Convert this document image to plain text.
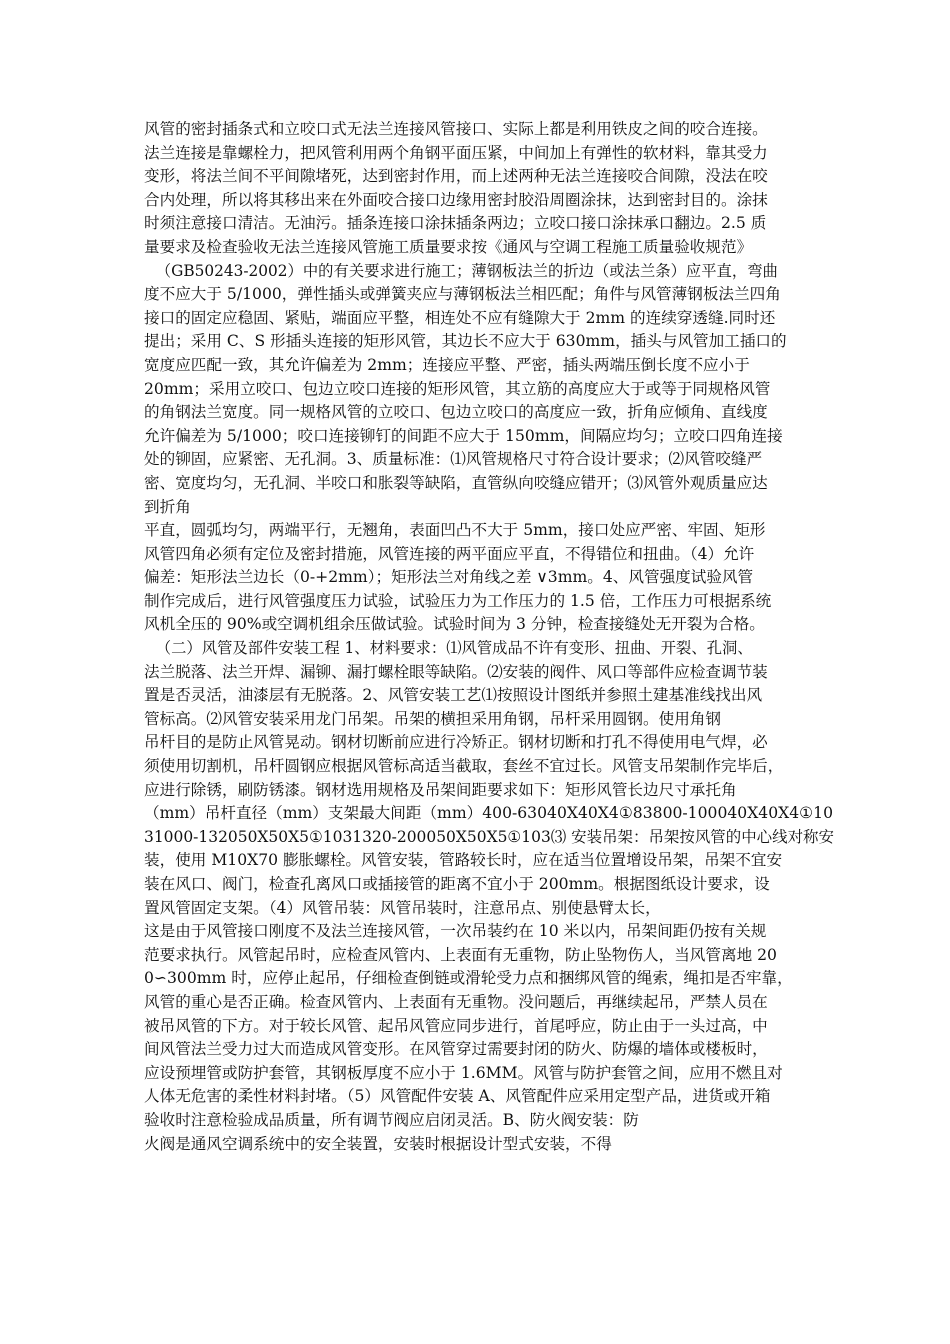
风管的密封插条式和立咬口式无法兰连接风管接口、实际上都是利用铁皮之间的咬合连接。
法兰连接是靠螺栓力，把风管利用两个角钢平面压紧，中间加上有弹性的软材料，靠其受力
变形，将法兰间不平间隙堵死，达到密封作用，而上述两种无法兰连接咬合间隙，没法在咬
合内处理，所以将其移出来在外面咬合接口边缘用密封胶沿周圈涂抹，达到密封目的。涂抹
时须注意接口清洁。无油污。插条连接口涂抹插条两边；立咬口接口涂抹承口翻边。2.5 质
量要求及检查验收无法兰连接风管施工质量要求按《通风与空调工程施工质量验收规范》
（GB50243-2002）中的有关要求进行施工；薄钢板法兰的折边（或法兰条）应平直，弯曲
度不应大于 5/1000，弹性插头或弹簧夹应与薄钢板法兰相匹配；角件与风管薄钢板法兰四角
接口的固定应稳固、紧贴，端面应平整，相连处不应有缝隙大于 2mm 的连续穿透缝.同时还
提出；采用 C、S 形插头连接的矩形风管，其边长不应大于 630mm，插头与风管加工插口的
宽度应匹配一致，其允许偏差为 2mm；连接应平整、严密，插头两端压倒长度不应小于
20mm；采用立咬口、包边立咬口连接的矩形风管，其立筋的高度应大于或等于同规格风管
的角钢法兰宽度。同一规格风管的立咬口、包边立咬口的高度应一致，折角应倾角、直线度
允许偏差为 5/1000；咬口连接铆钉的间距不应大于 150mm，间隔应均匀；立咬口四角连接
处的铆固，应紧密、无孔洞。3、质量标准：⑴风管规格尺寸符合设计要求；⑵风管咬缝严
密、宽度均匀，无孔洞、半咬口和胀裂等缺陷，直管纵向咬缝应错开；⑶风管外观质量应达
到折角
平直，圆弧均匀，两端平行，无翘角，表面凹凸不大于 5mm，接口处应严密、牢固、矩形
风管四角必须有定位及密封措施，风管连接的两平面应平直，不得错位和扭曲。（4）允许
偏差：矩形法兰边长（0-+2mm）；矩形法兰对角线之差 ∨3mm。4、风管强度试验风管
制作完成后，进行风管强度压力试验，试验压力为工作压力的 1.5 倍，工作压力可根据系统
风机全压的 90%或空调机组余压做试验。试验时间为 3 分钟，检查接缝处无开裂为合格。
（二）风管及部件安装工程 1、材料要求：⑴风管成品不许有变形、扭曲、开裂、孔洞、
法兰脱落、法兰开焊、漏铆、漏打螺栓眼等缺陷。⑵安装的阀件、风口等部件应检查调节装
置是否灵活，油漆层有无脱落。2、风管安装工艺⑴按照设计图纸并参照土建基准线找出风
管标高。⑵风管安装采用龙门吊架。吊架的横担采用角钢，吊杆采用圆钢。使用角钢
吊杆目的是防止风管晃动。钢材切断前应进行冷矫正。钢材切断和打孔不得使用电气焊，必
须使用切割机，吊杆圆钢应根据风管标高适当截取，套丝不宜过长。风管支吊架制作完毕后，
应进行除锈，刷防锈漆。钢材选用规格及吊架间距要求如下：矩形风管长边尺寸承托角
（mm）吊杆直径（mm）支架最大间距（mm）400-63040Ⅹ40Ⅹ4①83800-100040Ⅹ40Ⅹ4①10
31000-132050Ⅹ50Ⅹ5①1031320-200050Ⅹ50Ⅹ5①103⑶ 安装吊架：吊架按风管的中心线对称安
装，使用 M10Ⅹ70 膨胀螺栓。风管安装，管路较长时，应在适当位置增设吊架，吊架不宜安
装在风口、阀门，检查孔离风口或插接管的距离不宜小于 200mm。根据图纸设计要求，设
置风管固定支架。（4）风管吊装：风管吊装时，注意吊点、别使悬臂太长，
这是由于风管接口刚度不及法兰连接风管，一次吊装约在 10 米以内，吊架间距仍按有关规
范要求执行。风管起吊时，应检查风管内、上表面有无重物，防止坠物伤人，当风管离地 20
0∽300mm 时，应停止起吊，仔细检查倒链或滑轮受力点和捆绑风管的绳索，绳扣是否牢靠，
风管的重心是否正确。检查风管内、上表面有无重物。没问题后，再继续起吊，严禁人员在
被吊风管的下方。对于较长风管、起吊风管应同步进行，首尾呼应，防止由于一头过高，中
间风管法兰受力过大而造成风管变形。在风管穿过需要封闭的防火、防爆的墙体或楼板时，
应设预埋管或防护套管，其钢板厚度不应小于 1.6MM。风管与防护套管之间，应用不燃且对
人体无危害的柔性材料封堵。（5）风管配件安装 A、风管配件应采用定型产品，进货或开箱
验收时注意检验成品质量，所有调节阀应启闭灵活。B、防火阀安装：防
火阀是通风空调系统中的安全装置，安装时根据设计型式安装，不得
